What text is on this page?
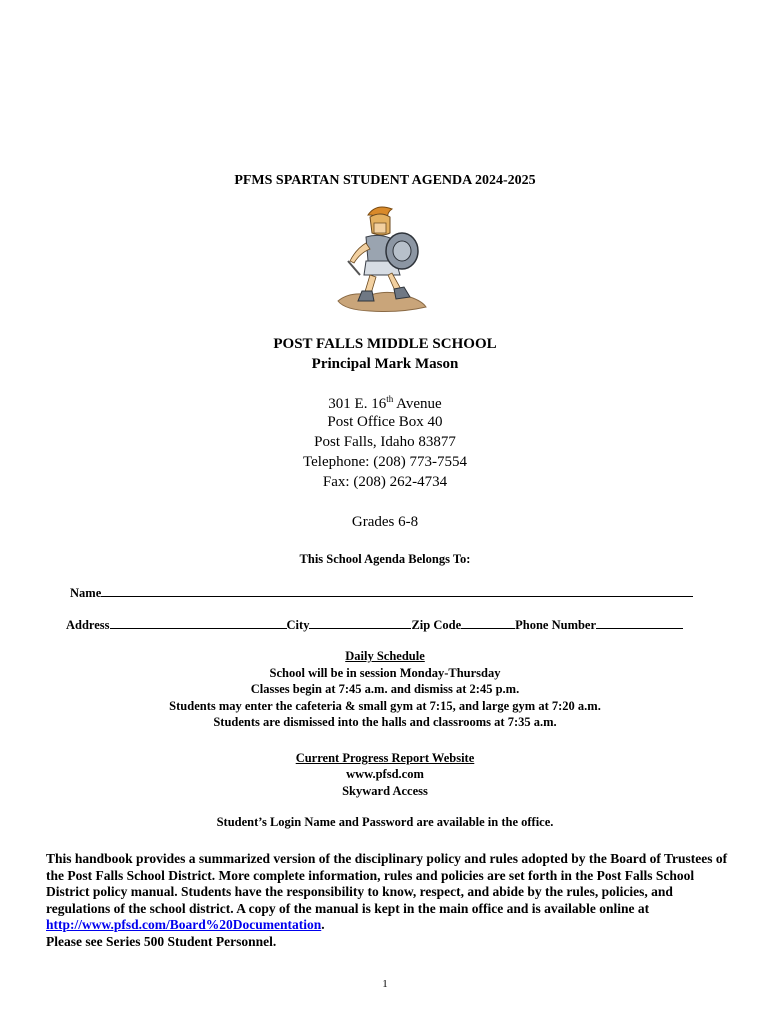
PFMS SPARTAN STUDENT AGENDA 2024-2025
POST FALLS MIDDLE SCHOOL
Principal Mark Mason
301 E. 16th Avenue
Post Office Box 40
Post Falls, Idaho 83877
Telephone: (208) 773-7554
Fax: (208) 262-4734
Grades 6-8
This School Agenda Belongs To:
Name
Address	City	Zip Code	Phone Number
Daily Schedule
School will be in session Monday-Thursday
Classes begin at 7:45 a.m. and dismiss at 2:45 p.m.
Students may enter the cafeteria & small gym at 7:15, and large gym at 7:20 a.m.
Students are dismissed into the halls and classrooms at 7:35 a.m.
Current Progress Report Website
www.pfsd.com
Skyward Access
Student’s Login Name and Password are available in the office.
This handbook provides a summarized version of the disciplinary policy and rules adopted by the Board of Trustees of the Post Falls School District. More complete information, rules and policies are set forth in the Post Falls School District policy manual. Students have the responsibility to know, respect, and abide by the rules, policies, and regulations of the school district. A copy of the manual is kept in the main office and is available online at http://www.pfsd.com/Board%20Documentation.
Please see Series 500 Student Personnel.
1
